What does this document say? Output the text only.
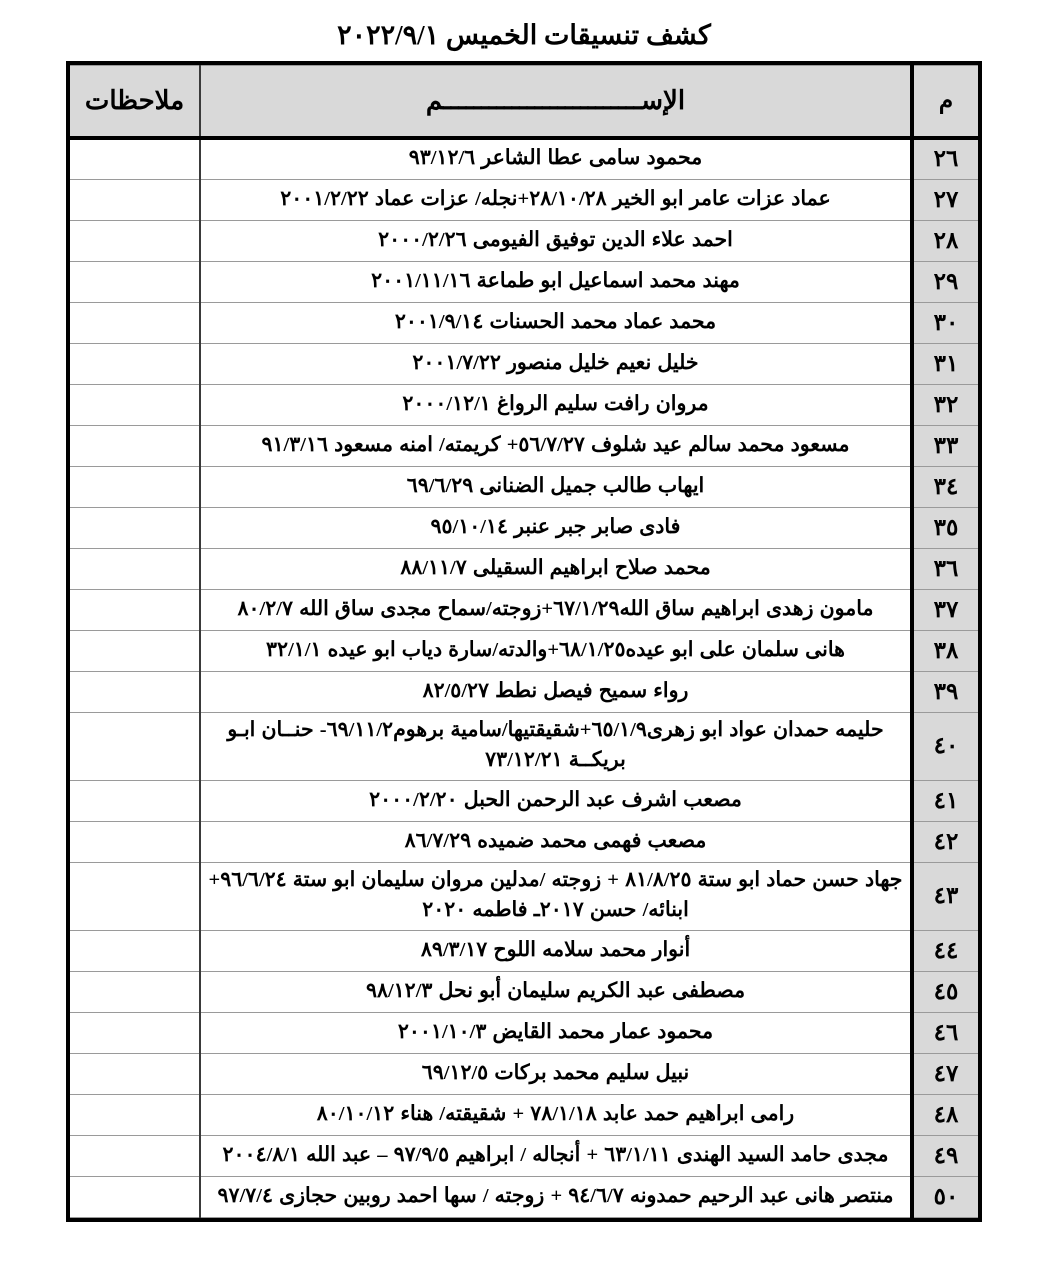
كشف تنسيقات الخميس ٢٠٢٢/٩/١
م	الإســــــــــــــــــــــــــم	ملاحظات
٢٦	محمود سامى عطا الشاعر ٩٣/١٢/٦	
٢٧	عماد عزات عامر ابو الخير ٢٨/١٠/٢٨+نجله/ عزات عماد ٢٠٠١/٢/٢٢	
٢٨	احمد علاء الدين توفيق الفيومى ٢٠٠٠/٢/٢٦	
٢٩	مهند محمد اسماعيل ابو طماعة ٢٠٠١/١١/١٦	
٣٠	محمد عماد محمد الحسنات ٢٠٠١/٩/١٤	
٣١	خليل نعيم خليل منصور ٢٠٠١/٧/٢٢	
٣٢	مروان رافت سليم الرواغ ٢٠٠٠/١٢/١	
٣٣	مسعود محمد سالم عيد شلوف ٥٦/٧/٢٧+ كريمته/ امنه مسعود ٩١/٣/١٦	
٣٤	ايهاب طالب جميل الضنانى ٦٩/٦/٢٩	
٣٥	فادى صابر جبر عنبر ٩٥/١٠/١٤	
٣٦	محمد صلاح ابراهيم السقيلى ٨٨/١١/٧	
٣٧	مامون زهدى ابراهيم ساق الله٦٧/١/٢٩+زوجته/سماح مجدى ساق الله ٨٠/٢/٧	
٣٨	هانى سلمان على ابو عيده٦٨/١/٢٥+والدته/سارة دياب ابو عيده ٣٢/١/١	
٣٩	رواء سميح فيصل نطط ٨٢/٥/٢٧	
٤٠	حليمه حمدان عواد ابو زهرى٦٥/١/٩+شقيقتيها/سامية برهوم٦٩/١١/٢- حنــان ابـو بريكــة ٧٣/١٢/٢١	
٤١	مصعب اشرف عبد الرحمن الحبل ٢٠٠٠/٢/٢٠	
٤٢	مصعب فهمى محمد ضميده ٨٦/٧/٢٩	
٤٣	جهاد حسن حماد ابو ستة ٨١/٨/٢٥ + زوجته /مدلين مروان سليمان ابو ستة ٩٦/٦/٢٤+ ابنائه/ حسن ٢٠١٧ـ فاطمه ٢٠٢٠	
٤٤	أنوار محمد سلامه اللوح ٨٩/٣/١٧	
٤٥	مصطفى عبد الكريم سليمان أبو نحل ٩٨/١٢/٣	
٤٦	محمود عمار محمد القايض ٢٠٠١/١٠/٣	
٤٧	نبيل سليم محمد بركات ٦٩/١٢/٥	
٤٨	رامى ابراهيم حمد عابد ٧٨/١/١٨ + شقيقته/ هناء ٨٠/١٠/١٢	
٤٩	مجدى حامد السيد الهندى ٦٣/١/١١ + أنجاله / ابراهيم ٩٧/٩/٥ – عبد الله ٢٠٠٤/٨/١	
٥٠	منتصر هانى عبد الرحيم حمدونه ٩٤/٦/٧ + زوجته / سها احمد روبين حجازى ٩٧/٧/٤	
